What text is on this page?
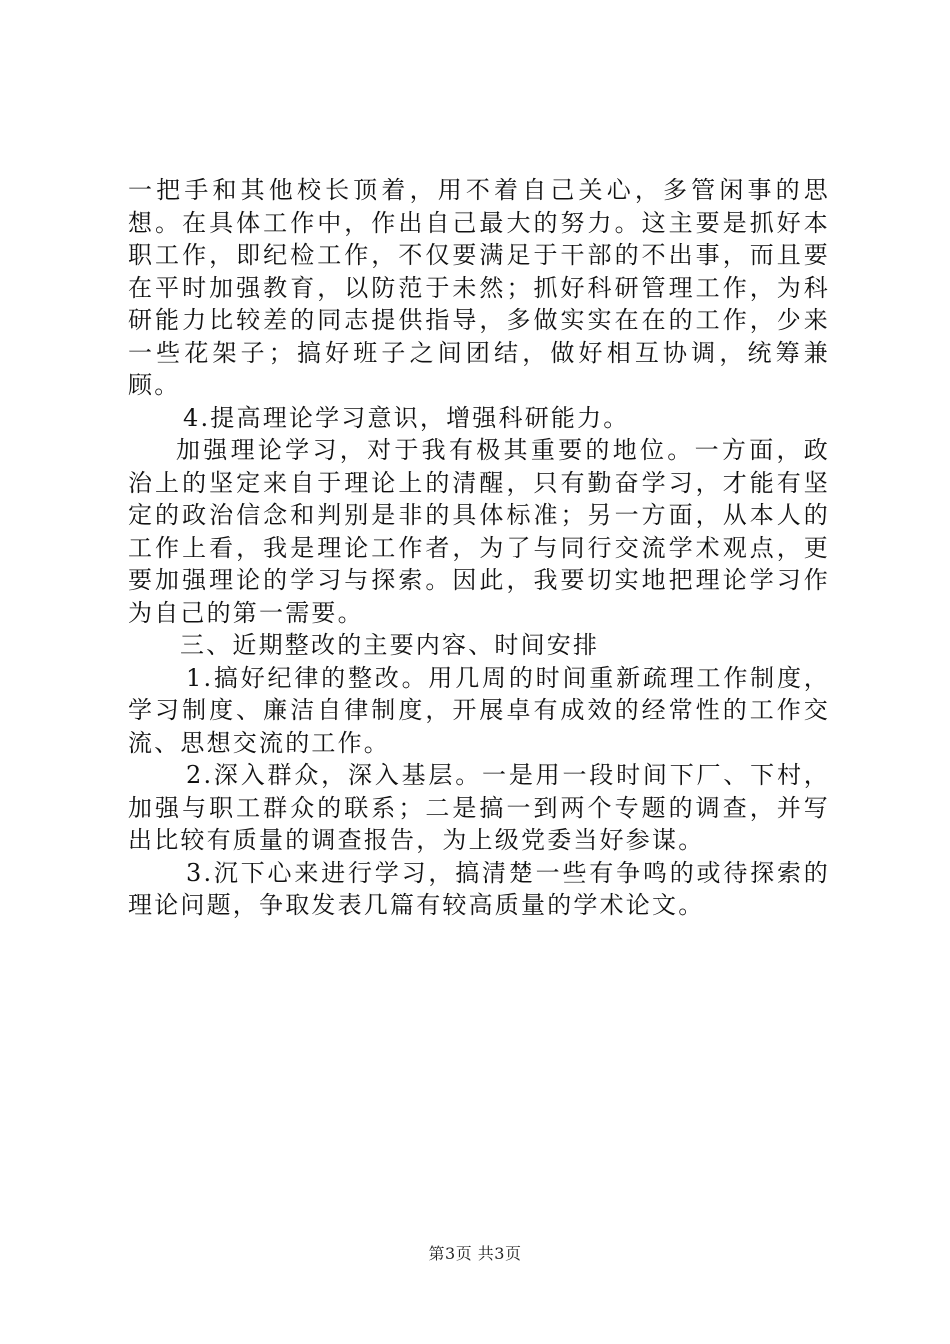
一把手和其他校长顶着，用不着自己关心，多管闲事的思想。在具体工作中，作出自己最大的努力。这主要是抓好本职工作，即纪检工作，不仅要满足于干部的不出事，而且要在平时加强教育，以防范于未然；抓好科研管理工作，为科研能力比较差的同志提供指导，多做实实在在的工作，少来一些花架子；搞好班子之间团结，做好相互协调，统筹兼顾。

4.提高理论学习意识，增强科研能力。

加强理论学习，对于我有极其重要的地位。一方面，政治上的坚定来自于理论上的清醒，只有勤奋学习，才能有坚定的政治信念和判别是非的具体标准；另一方面，从本人的工作上看，我是理论工作者，为了与同行交流学术观点，更要加强理论的学习与探索。因此，我要切实地把理论学习作为自己的第一需要。

三、近期整改的主要内容、时间安排

1.搞好纪律的整改。用几周的时间重新疏理工作制度，学习制度、廉洁自律制度，开展卓有成效的经常性的工作交流、思想交流的工作。

2.深入群众，深入基层。一是用一段时间下厂、下村，加强与职工群众的联系；二是搞一到两个专题的调查，并写出比较有质量的调查报告，为上级党委当好参谋。

3.沉下心来进行学习，搞清楚一些有争鸣的或待探索的理论问题，争取发表几篇有较高质量的学术论文。

第3页 共3页
